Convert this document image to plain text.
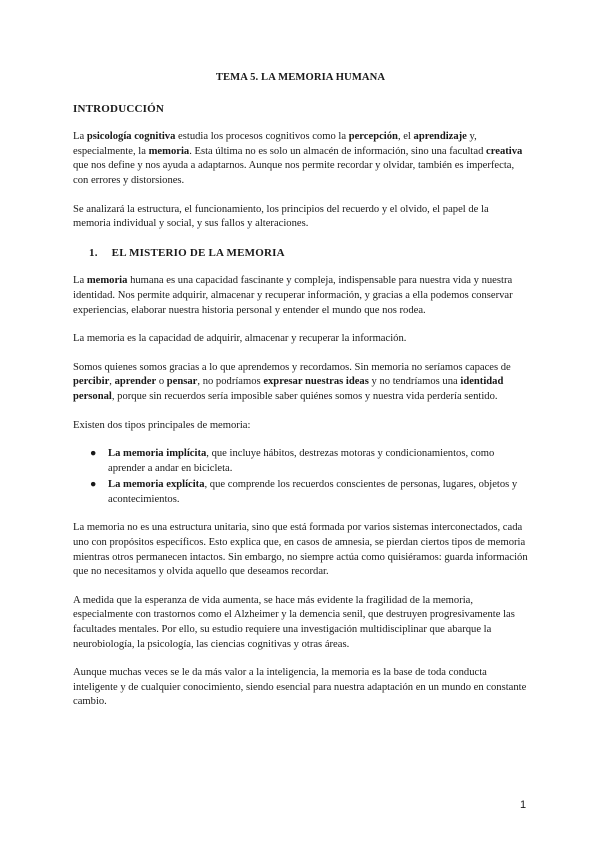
TEMA 5. LA MEMORIA HUMANA
INTRODUCCIÓN

La psicología cognitiva estudia los procesos cognitivos como la percepción, el aprendizaje y, especialmente, la memoria. Esta última no es solo un almacén de información, sino una facultad creativa que nos define y nos ayuda a adaptarnos. Aunque nos permite recordar y olvidar, también es imperfecta, con errores y distorsiones.

Se analizará la estructura, el funcionamiento, los principios del recuerdo y el olvido, el papel de la memoria individual y social, y sus fallos y alteraciones.

1. EL MISTERIO DE LA MEMORIA

La memoria humana es una capacidad fascinante y compleja, indispensable para nuestra vida y nuestra identidad. Nos permite adquirir, almacenar y recuperar información, y gracias a ella podemos conservar experiencias, elaborar nuestra historia personal y entender el mundo que nos rodea.

La memoria es la capacidad de adquirir, almacenar y recuperar la información.

Somos quienes somos gracias a lo que aprendemos y recordamos. Sin memoria no seríamos capaces de percibir, aprender o pensar, no podríamos expresar nuestras ideas y no tendríamos una identidad personal, porque sin recuerdos sería imposible saber quiénes somos y nuestra vida perdería sentido.

Existen dos tipos principales de memoria:

● La memoria implícita, que incluye hábitos, destrezas motoras y condicionamientos, como aprender a andar en bicicleta.
● La memoria explícita, que comprende los recuerdos conscientes de personas, lugares, objetos y acontecimientos.

La memoria no es una estructura unitaria, sino que está formada por varios sistemas interconectados, cada uno con propósitos específicos. Esto explica que, en casos de amnesia, se pierdan ciertos tipos de memoria mientras otros permanecen intactos. Sin embargo, no siempre actúa como quisiéramos: guarda información que no necesitamos y olvida aquello que deseamos recordar.

A medida que la esperanza de vida aumenta, se hace más evidente la fragilidad de la memoria, especialmente con trastornos como el Alzheimer y la demencia senil, que destruyen progresivamente las facultades mentales. Por ello, su estudio requiere una investigación multidisciplinar que abarque la neurobiología, la psicología, las ciencias cognitivas y otras áreas.

Aunque muchas veces se le da más valor a la inteligencia, la memoria es la base de toda conducta inteligente y de cualquier conocimiento, siendo esencial para nuestra adaptación en un mundo en constante cambio.

1
